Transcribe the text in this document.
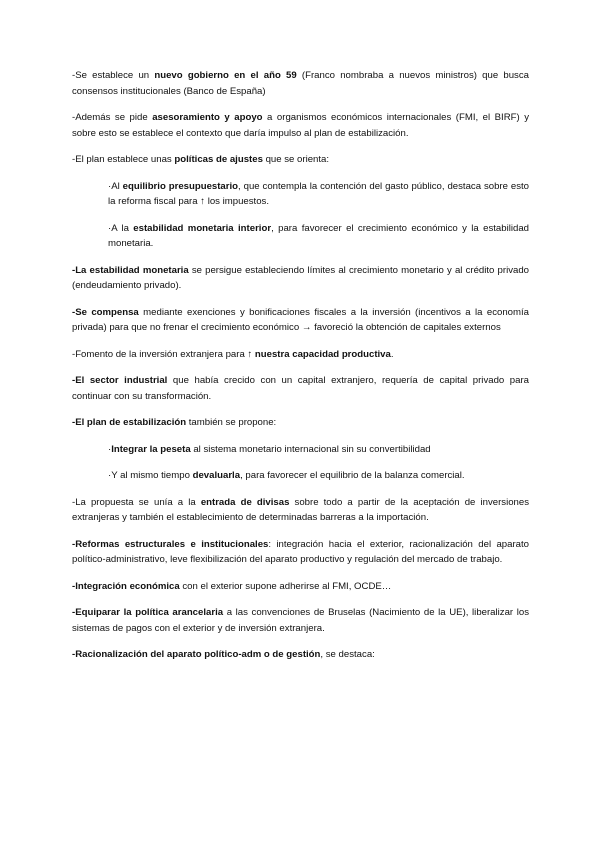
-Se establece un nuevo gobierno en el año 59 (Franco nombraba a nuevos ministros) que busca consensos institucionales (Banco de España)

-Además se pide asesoramiento y apoyo a organismos económicos internacionales (FMI, el BIRF) y sobre esto se establece el contexto que daría impulso al plan de estabilización.

-El plan establece unas políticas de ajustes que se orienta:

·Al equilibrio presupuestario, que contempla la contención del gasto público, destaca sobre esto la reforma fiscal para ↑ los impuestos.

·A la estabilidad monetaria interior, para favorecer el crecimiento económico y la estabilidad monetaria.

-La estabilidad monetaria se persigue estableciendo límites al crecimiento monetario y al crédito privado (endeudamiento privado).

-Se compensa mediante exenciones y bonificaciones fiscales a la inversión (incentivos a la economía privada) para que no frenar el crecimiento económico → favoreció la obtención de capitales externos

-Fomento de la inversión extranjera para ↑ nuestra capacidad productiva.

-El sector industrial que había crecido con un capital extranjero, requería de capital privado para continuar con su transformación.

-El plan de estabilización también se propone:

·Integrar la peseta al sistema monetario internacional sin su convertibilidad

·Y al mismo tiempo devaluarla, para favorecer el equilibrio de la balanza comercial.

-La propuesta se unía a la entrada de divisas sobre todo a partir de la aceptación de inversiones extranjeras y también el establecimiento de determinadas barreras a la importación.

-Reformas estructurales e institucionales: integración hacia el exterior, racionalización del aparato político-administrativo, leve flexibilización del aparato productivo y regulación del mercado de trabajo.

-Integración económica con el exterior supone adherirse al FMI, OCDE…

-Equiparar la política arancelaria a las convenciones de Bruselas (Nacimiento de la UE), liberalizar los sistemas de pagos con el exterior y de inversión extranjera.

-Racionalización del aparato político-adm o de gestión, se destaca:
